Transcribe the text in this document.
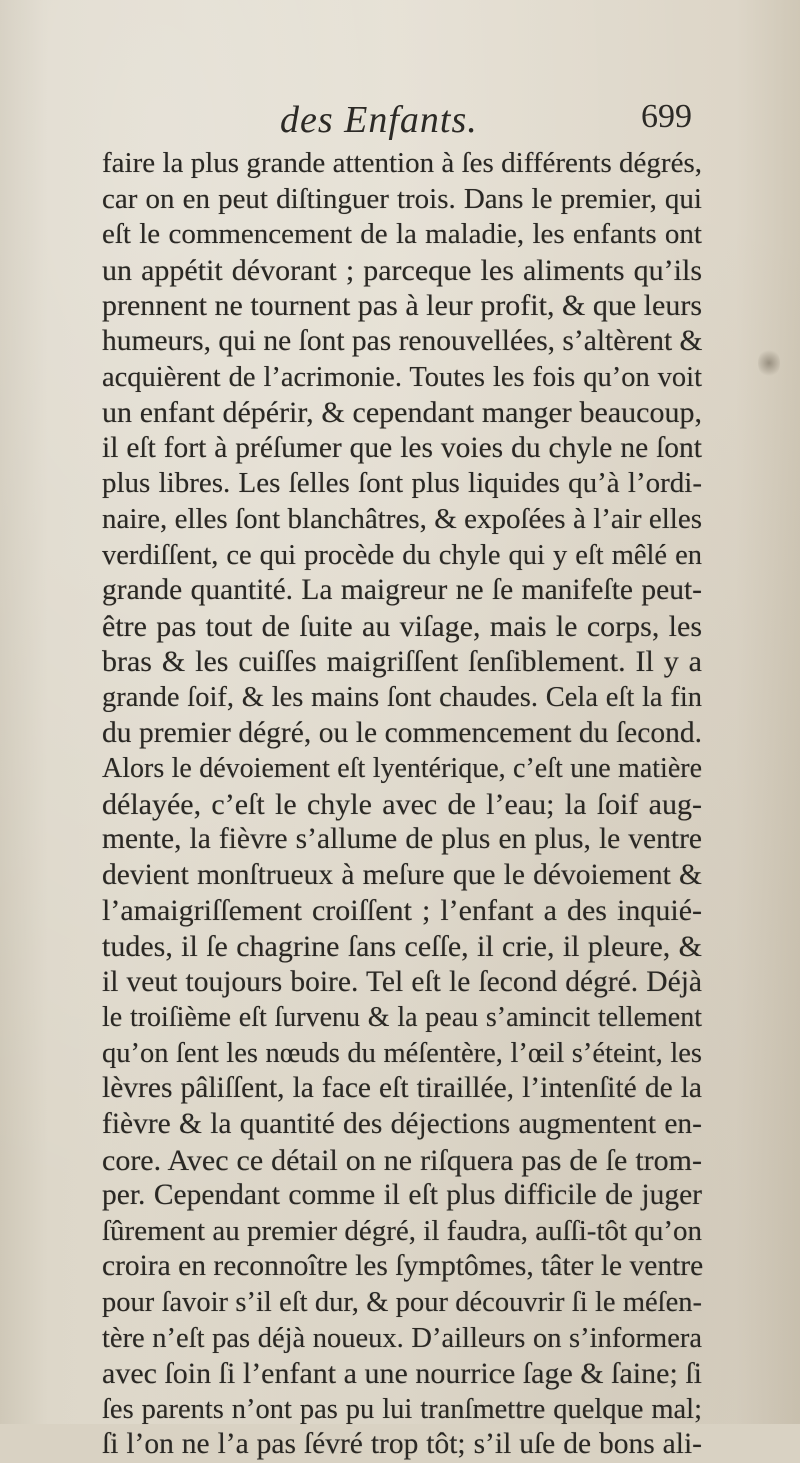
des Enfants.	699
faire la plus grande attention à ſes différents dégrés,
car on en peut diſtinguer trois. Dans le premier, qui
eſt le commencement de la maladie, les enfants ont
un appétit dévorant ; parceque les aliments qu’ils
prennent ne tournent pas à leur profit, & que leurs
humeurs, qui ne ſont pas renouvellées, s’altèrent &
acquièrent de l’acrimonie. Toutes les fois qu’on voit
un enfant dépérir, & cependant manger beaucoup,
il eſt fort à préſumer que les voies du chyle ne ſont
plus libres. Les ſelles ſont plus liquides qu’à l’ordi-
naire, elles ſont blanchâtres, & expoſées à l’air elles
verdiſſent, ce qui procède du chyle qui y eſt mêlé en
grande quantité. La maigreur ne ſe manifeſte peut-
être pas tout de ſuite au viſage, mais le corps, les
bras & les cuiſſes maigriſſent ſenſiblement. Il y a
grande ſoif, & les mains ſont chaudes. Cela eſt la fin
du premier dégré, ou le commencement du ſecond.
Alors le dévoiement eſt lyentérique, c’eſt une matière
délayée, c’eſt le chyle avec de l’eau; la ſoif aug-
mente, la fièvre s’allume de plus en plus, le ventre
devient monſtrueux à meſure que le dévoiement &
l’amaigriſſement croiſſent ; l’enfant a des inquié-
tudes, il ſe chagrine ſans ceſſe, il crie, il pleure, &
il veut toujours boire. Tel eſt le ſecond dégré. Déjà
le troiſième eſt ſurvenu & la peau s’amincit tellement
qu’on ſent les nœuds du méſentère, l’œil s’éteint, les
lèvres pâliſſent, la face eſt tiraillée, l’intenſité de la
fièvre & la quantité des déjections augmentent en-
core. Avec ce détail on ne riſquera pas de ſe trom-
per. Cependant comme il eſt plus difficile de juger
ſûrement au premier dégré, il faudra, auſſi-tôt qu’on
croira en reconnoître les ſymptômes, tâter le ventre
pour ſavoir s’il eſt dur, & pour découvrir ſi le méſen-
tère n’eſt pas déjà noueux. D’ailleurs on s’informera
avec ſoin ſi l’enfant a une nourrice ſage & ſaine; ſi
ſes parents n’ont pas pu lui tranſmettre quelque mal;
ſi l’on ne l’a pas ſévré trop tôt; s’il uſe de bons ali-
